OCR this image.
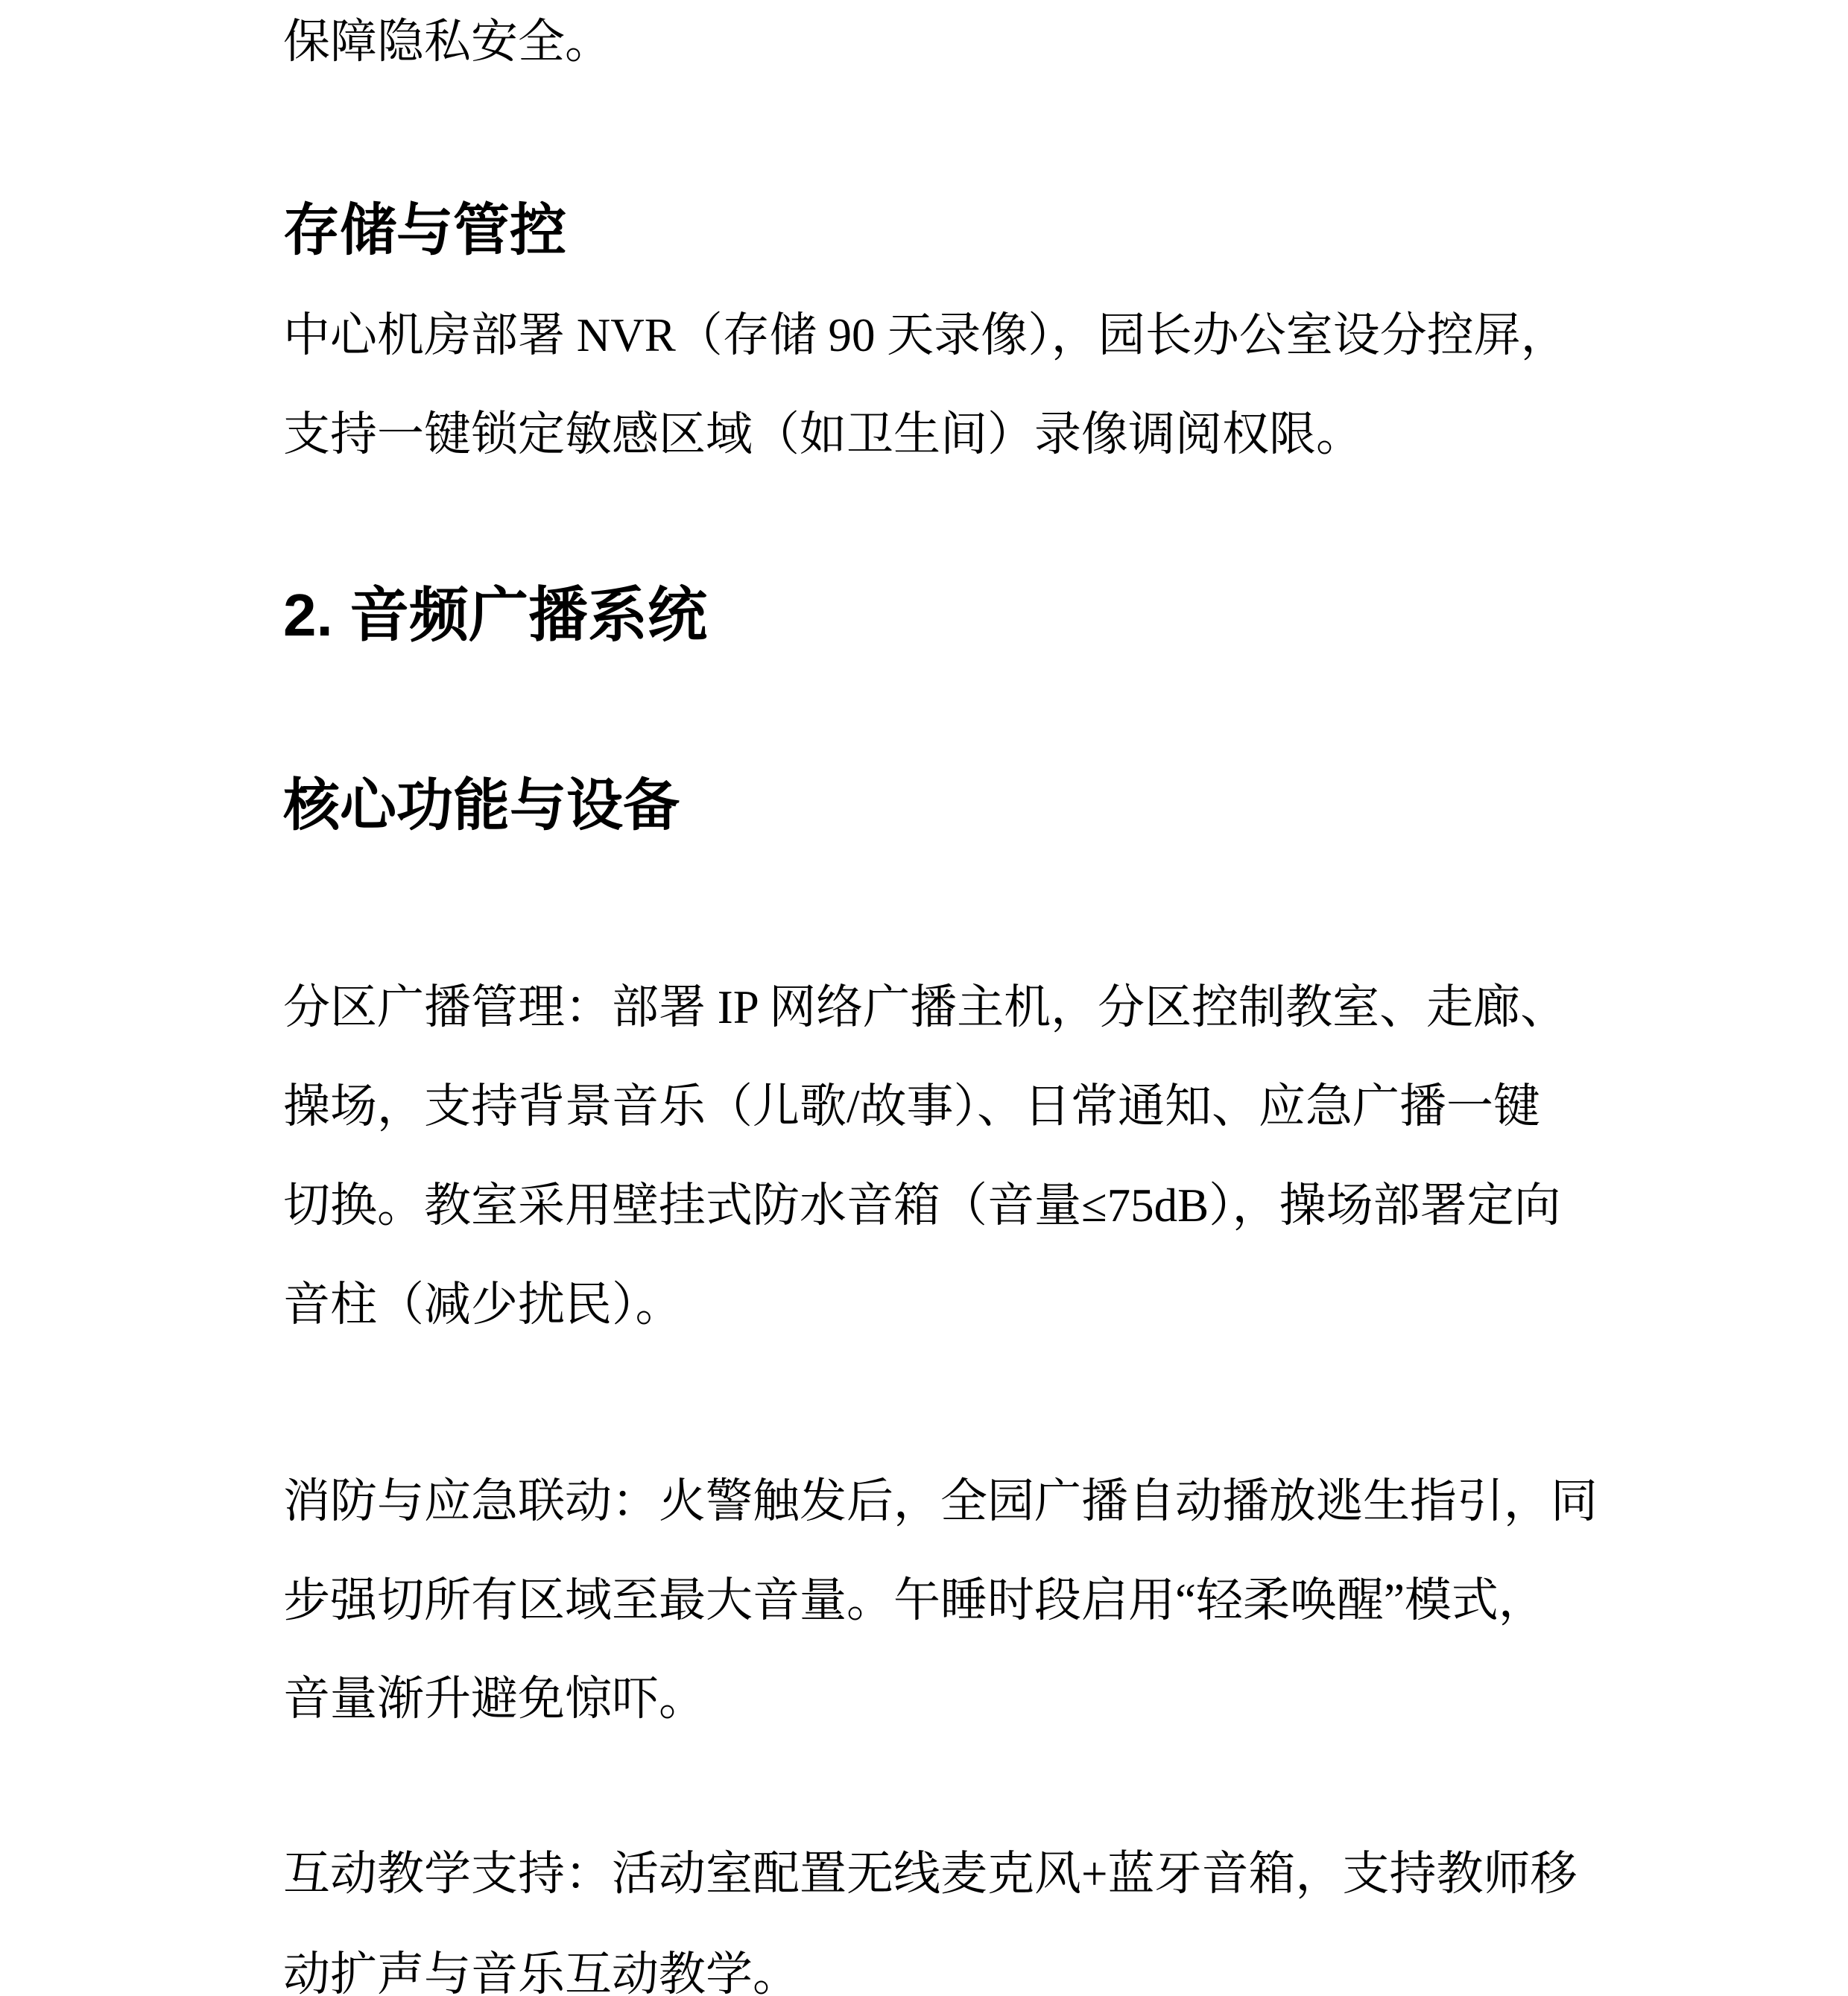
保障隐私安全。
存储与管控
中心机房部署 NVR（存储 90 天录像），园长办公室设分控屏，
支持一键锁定敏感区域（如卫生间）录像调阅权限。
2. 音频广播系统
核心功能与设备
分区广播管理：部署 IP 网络广播主机，分区控制教室、走廊、
操场，支持背景音乐（儿歌/故事）、日常通知、应急广播一键
切换。教室采用壁挂式防水音箱（音量≤75dB），操场部署定向
音柱（减少扰民）。
消防与应急联动：火警触发后，全园广播自动播放逃生指引，同
步强切所有区域至最大音量。午睡时段启用“轻柔唤醒”模式，
音量渐升避免惊吓。
互动教学支持：活动室配置无线麦克风+蓝牙音箱，支持教师移
动扩声与音乐互动教学。
